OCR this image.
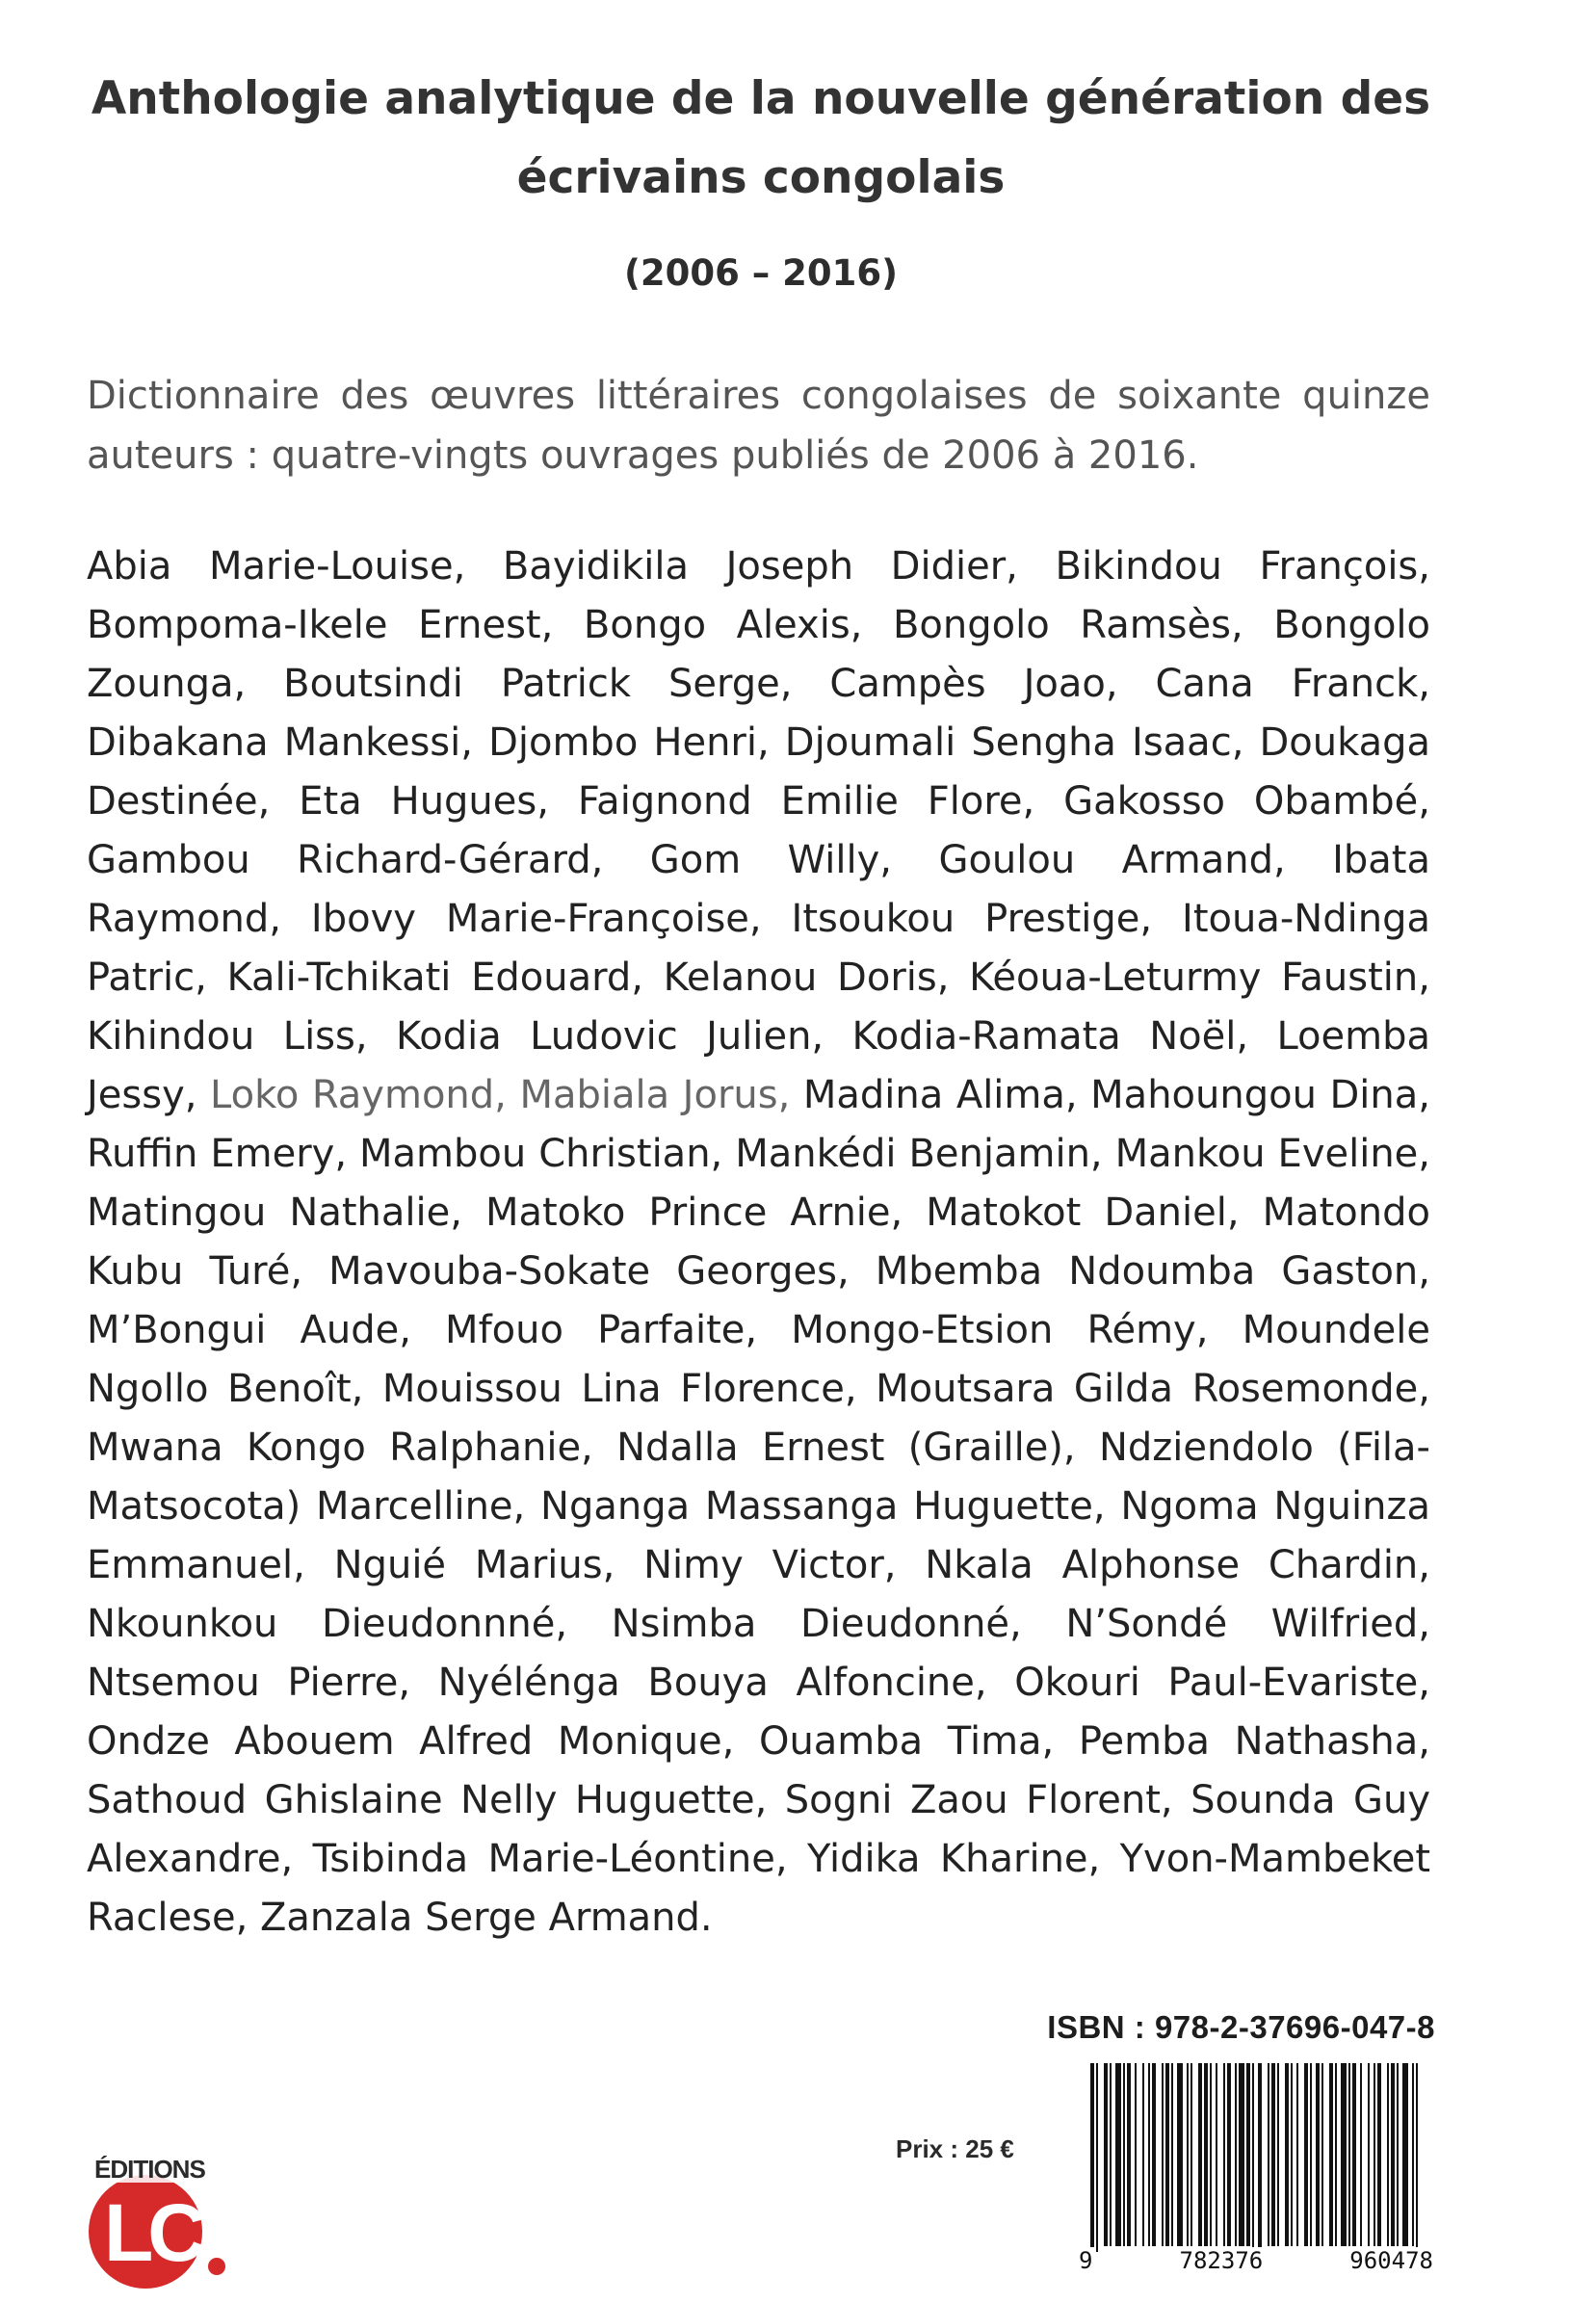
Anthologie analytique de la nouvelle génération des écrivains congolais
(2006 – 2016)
Dictionnaire des œuvres littéraires congolaises de soixante quinze auteurs : quatre-vingts ouvrages publiés de 2006 à 2016.
Abia Marie-Louise, Bayidikila Joseph Didier, Bikindou François, Bompoma-Ikele Ernest, Bongo Alexis, Bongolo Ramsès, Bongolo Zounga, Boutsindi Patrick Serge, Campès Joao, Cana Franck, Dibakana Mankessi, Djombo Henri, Djoumali Sengha Isaac, Doukaga Destinée, Eta Hugues, Faignond Emilie Flore, Gakosso Obambé, Gambou Richard-Gérard, Gom Willy, Goulou Armand, Ibata Raymond, Ibovy Marie-Françoise, Itsoukou Prestige, Itoua-Ndinga Patric, Kali-Tchikati Edouard, Kelanou Doris, Kéoua-Leturmy Faustin, Kihindou Liss, Kodia Ludovic Julien, Kodia-Ramata Noël, Loemba Jessy, Loko Raymond, Mabiala Jorus, Madina Alima, Mahoungou Dina, Ruffin Emery, Mambou Christian, Mankédi Benjamin, Mankou Eveline, Matingou Nathalie, Matoko Prince Arnie, Matokot Daniel, Matondo Kubu Turé, Mavouba-Sokate Georges, Mbemba Ndoumba Gaston, M’Bongui Aude, Mfouo Parfaite, Mongo-Etsion Rémy, Moundele Ngollo Benoît, Mouissou Lina Florence, Moutsara Gilda Rosemonde, Mwana Kongo Ralphanie, Ndalla Ernest (Graille), Ndziendolo (Fila-Matsocota) Marcelline, Nganga Massanga Huguette, Ngoma Nguinza Emmanuel, Nguié Marius, Nimy Victor, Nkala Alphonse Chardin, Nkounkou Dieudonnné, Nsimba Dieudonné, N’Sondé Wilfried, Ntsemou Pierre, Nyélénga Bouya Alfoncine, Okouri Paul-Evariste, Ondze Abouem Alfred Monique, Ouamba Tima, Pemba Nathasha, Sathoud Ghislaine Nelly Huguette, Sogni Zaou Florent, Sounda Guy Alexandre, Tsibinda Marie-Léontine, Yidika Kharine, Yvon-Mambeket Raclese, Zanzala Serge Armand.
ISBN : 978-2-37696-047-8
9	782376	960478
Prix : 25 €
ÉDITIONS
LC
